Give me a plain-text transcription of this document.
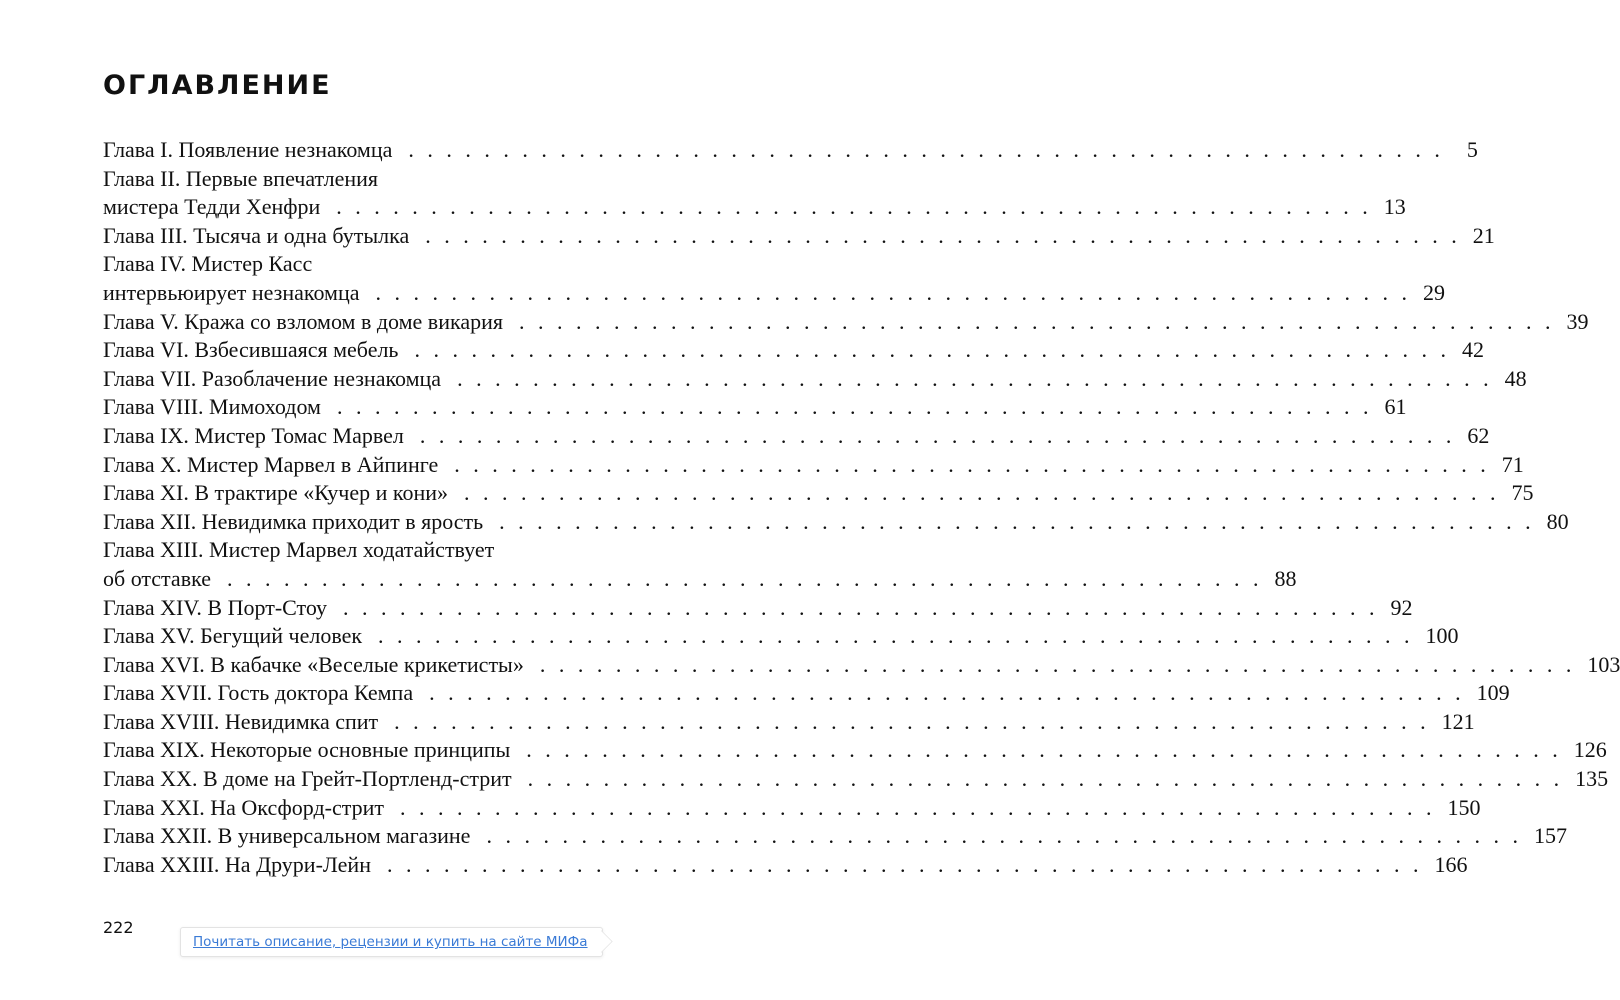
ОГЛАВЛЕНИЕ
Глава I. Появление незнакомца . . . . . . . . . . . . . . . . . . . . . . . . . . . . . . . . . . . . . . . . . . . . . . . . . . . . . . .	5
Глава II. Первые впечатления
мистера Тедди Хенфри . . . . . . . . . . . . . . . . . . . . . . . . . . . . . . . . . . . . . . . . . . . . . . . . . . . . . . . 13
Глава III. Тысяча и одна бутылка . . . . . . . . . . . . . . . . . . . . . . . . . . . . . . . . . . . . . . . . . . . . . . . . . . . . . . . 21
Глава IV. Мистер Касс
интервьюирует незнакомца . . . . . . . . . . . . . . . . . . . . . . . . . . . . . . . . . . . . . . . . . . . . . . . . . . . . . . . 29
Глава V. Кража со взломом в доме викария . . . . . . . . . . . . . . . . . . . . . . . . . . . . . . . . . . . . . . . . . . . . . . . . . . . . . . . 39
Глава VI. Взбесившаяся мебель . . . . . . . . . . . . . . . . . . . . . . . . . . . . . . . . . . . . . . . . . . . . . . . . . . . . . . . 42
Глава VII. Разоблачение незнакомца . . . . . . . . . . . . . . . . . . . . . . . . . . . . . . . . . . . . . . . . . . . . . . . . . . . . . . . 48
Глава VIII. Мимоходом . . . . . . . . . . . . . . . . . . . . . . . . . . . . . . . . . . . . . . . . . . . . . . . . . . . . . . . 61
Глава IX. Мистер Томас Марвел . . . . . . . . . . . . . . . . . . . . . . . . . . . . . . . . . . . . . . . . . . . . . . . . . . . . . . . 62
Глава X. Мистер Марвел в Айпинге . . . . . . . . . . . . . . . . . . . . . . . . . . . . . . . . . . . . . . . . . . . . . . . . . . . . . . . 71
Глава XI. В трактире «Кучер и кони» . . . . . . . . . . . . . . . . . . . . . . . . . . . . . . . . . . . . . . . . . . . . . . . . . . . . . . . 75
Глава XII. Невидимка приходит в ярость . . . . . . . . . . . . . . . . . . . . . . . . . . . . . . . . . . . . . . . . . . . . . . . . . . . . . . . 80
Глава XIII. Мистер Марвел ходатайствует
об отставке . . . . . . . . . . . . . . . . . . . . . . . . . . . . . . . . . . . . . . . . . . . . . . . . . . . . . . . 88
Глава XIV. В Порт-Стоу . . . . . . . . . . . . . . . . . . . . . . . . . . . . . . . . . . . . . . . . . . . . . . . . . . . . . . . 92
Глава XV. Бегущий человек . . . . . . . . . . . . . . . . . . . . . . . . . . . . . . . . . . . . . . . . . . . . . . . . . . . . . . . 100
Глава XVI. В кабачке «Веселые крикетисты» . . . . . . . . . . . . . . . . . . . . . . . . . . . . . . . . . . . . . . . . . . . . . . . . . . . . . . . 103
Глава XVII. Гость доктора Кемпа . . . . . . . . . . . . . . . . . . . . . . . . . . . . . . . . . . . . . . . . . . . . . . . . . . . . . . . 109
Глава XVIII. Невидимка спит . . . . . . . . . . . . . . . . . . . . . . . . . . . . . . . . . . . . . . . . . . . . . . . . . . . . . . . 121
Глава XIX. Некоторые основные принципы . . . . . . . . . . . . . . . . . . . . . . . . . . . . . . . . . . . . . . . . . . . . . . . . . . . . . . . 126
Глава XX. В доме на Грейт-Портленд-стрит . . . . . . . . . . . . . . . . . . . . . . . . . . . . . . . . . . . . . . . . . . . . . . . . . . . . . . . 135
Глава XXI. На Оксфорд-стрит . . . . . . . . . . . . . . . . . . . . . . . . . . . . . . . . . . . . . . . . . . . . . . . . . . . . . . . 150
Глава XXII. В универсальном магазине . . . . . . . . . . . . . . . . . . . . . . . . . . . . . . . . . . . . . . . . . . . . . . . . . . . . . . . 157
Глава XXIII. На Друри-Лейн . . . . . . . . . . . . . . . . . . . . . . . . . . . . . . . . . . . . . . . . . . . . . . . . . . . . . . . 166
222
Почитать описание, рецензии и купить на сайте МИФа
